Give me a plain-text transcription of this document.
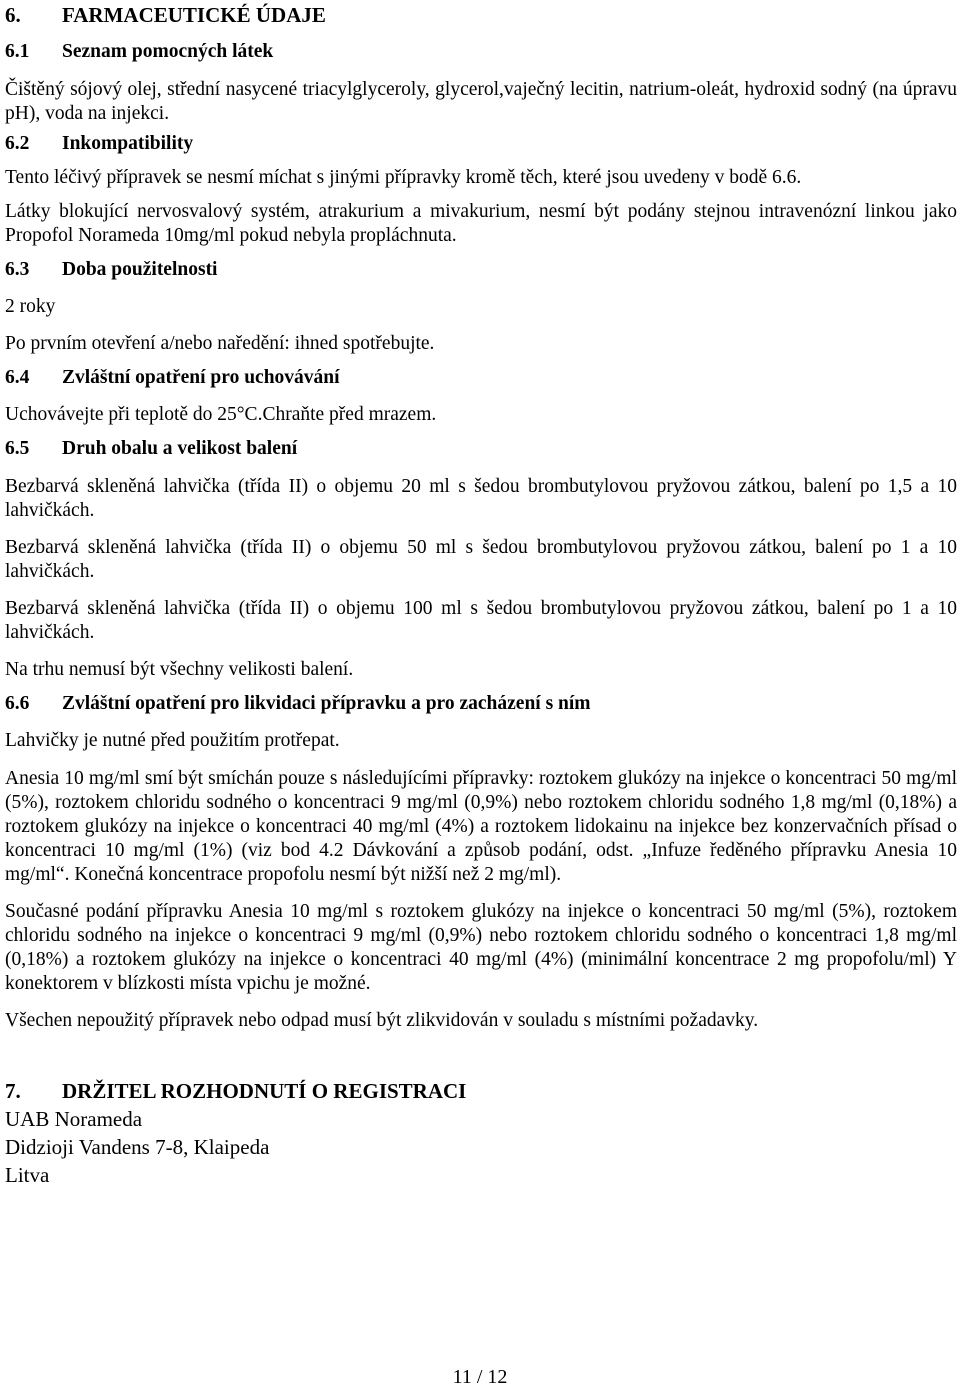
6. FARMACEUTICKÉ ÚDAJE

6.1 Seznam pomocných látek

Čištěný sójový olej, střední nasycené triacylglyceroly, glycerol,vaječný lecitin, natrium-oleát, hydroxid sodný (na úpravu pH), voda na injekci.

6.2 Inkompatibility

Tento léčivý přípravek se nesmí míchat s jinými přípravky kromě těch, které jsou uvedeny v bodě 6.6.

Látky blokující nervosvalový systém, atrakurium a mivakurium, nesmí být podány stejnou intravenózní linkou jako Propofol Norameda 10mg/ml pokud nebyla propláchnuta.

6.3 Doba použitelnosti

2 roky

Po prvním otevření a/nebo naředění: ihned spotřebujte.

6.4 Zvláštní opatření pro uchovávání

Uchovávejte při teplotě do 25°C.Chraňte před mrazem.

6.5 Druh obalu a velikost balení

Bezbarvá skleněná lahvička (třída II) o objemu 20 ml s šedou brombutylovou pryžovou zátkou, balení po 1,5 a 10 lahvičkách.

Bezbarvá skleněná lahvička (třída II) o objemu 50 ml s šedou brombutylovou pryžovou zátkou, balení po 1 a 10 lahvičkách.

Bezbarvá skleněná lahvička (třída II) o objemu 100 ml s šedou brombutylovou pryžovou zátkou, balení po 1 a 10 lahvičkách.

Na trhu nemusí být všechny velikosti balení.

6.6 Zvláštní opatření pro likvidaci přípravku a pro zacházení s ním

Lahvičky je nutné před použitím protřepat.

Anesia 10 mg/ml smí být smíchán pouze s následujícími přípravky: roztokem glukózy na injekce o koncentraci 50 mg/ml (5%), roztokem chloridu sodného o koncentraci 9 mg/ml (0,9%) nebo roztokem chloridu sodného 1,8 mg/ml (0,18%) a roztokem glukózy na injekce o koncentraci 40 mg/ml (4%) a roztokem lidokainu na injekce bez konzervačních přísad o koncentraci 10 mg/ml (1%) (viz bod 4.2 Dávkování a způsob podání, odst. „Infuze ředěného přípravku Anesia 10 mg/ml“. Konečná koncentrace propofolu nesmí být nižší než 2 mg/ml).

Současné podání přípravku Anesia 10 mg/ml s roztokem glukózy na injekce o koncentraci 50 mg/ml (5%), roztokem chloridu sodného na injekce o koncentraci 9 mg/ml (0,9%) nebo roztokem chloridu sodného o koncentraci 1,8 mg/ml (0,18%) a roztokem glukózy na injekce o koncentraci 40 mg/ml (4%) (minimální koncentrace 2 mg propofolu/ml) Y konektorem v blízkosti místa vpichu je možné.

Všechen nepoužitý přípravek nebo odpad musí být zlikvidován v souladu s místními požadavky.

7. DRŽITEL ROZHODNUTÍ O REGISTRACI

UAB Norameda

Didzioji Vandens 7-8, Klaipeda

Litva

11 / 12
